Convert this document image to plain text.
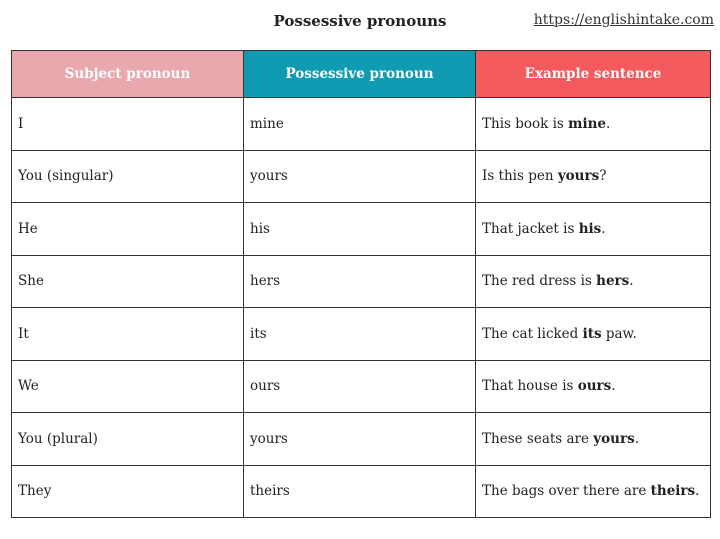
Possessive pronouns	https://englishintake.com
Subject pronoun	Possessive pronoun	Example sentence
I	mine	This book is mine.
You (singular)	yours	Is this pen yours?
He	his	That jacket is his.
She	hers	The red dress is hers.
It	its	The cat licked its paw.
We	ours	That house is ours.
You (plural)	yours	These seats are yours.
They	theirs	The bags over there are theirs.
